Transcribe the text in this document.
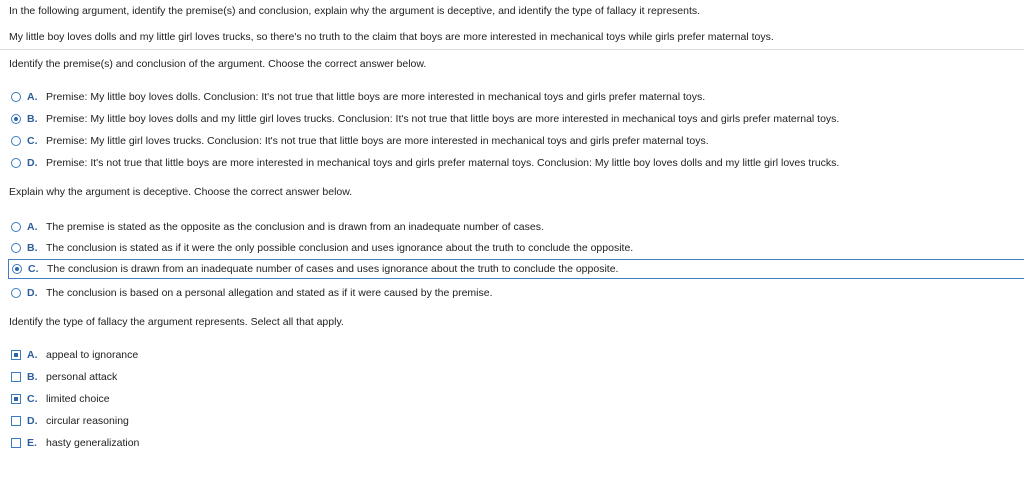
In the following argument, identify the premise(s) and conclusion, explain why the argument is deceptive, and identify the type of fallacy it represents.
My little boy loves dolls and my little girl loves trucks, so there's no truth to the claim that boys are more interested in mechanical toys while girls prefer maternal toys.
Identify the premise(s) and conclusion of the argument. Choose the correct answer below.
A. Premise: My little boy loves dolls. Conclusion: It's not true that little boys are more interested in mechanical toys and girls prefer maternal toys.
B. Premise: My little boy loves dolls and my little girl loves trucks. Conclusion: It's not true that little boys are more interested in mechanical toys and girls prefer maternal toys.
C. Premise: My little girl loves trucks. Conclusion: It's not true that little boys are more interested in mechanical toys and girls prefer maternal toys.
D. Premise: It's not true that little boys are more interested in mechanical toys and girls prefer maternal toys. Conclusion: My little boy loves dolls and my little girl loves trucks.
Explain why the argument is deceptive. Choose the correct answer below.
A. The premise is stated as the opposite as the conclusion and is drawn from an inadequate number of cases.
B. The conclusion is stated as if it were the only possible conclusion and uses ignorance about the truth to conclude the opposite.
C. The conclusion is drawn from an inadequate number of cases and uses ignorance about the truth to conclude the opposite.
D. The conclusion is based on a personal allegation and stated as if it were caused by the premise.
Identify the type of fallacy the argument represents. Select all that apply.
A. appeal to ignorance
B. personal attack
C. limited choice
D. circular reasoning
E. hasty generalization
